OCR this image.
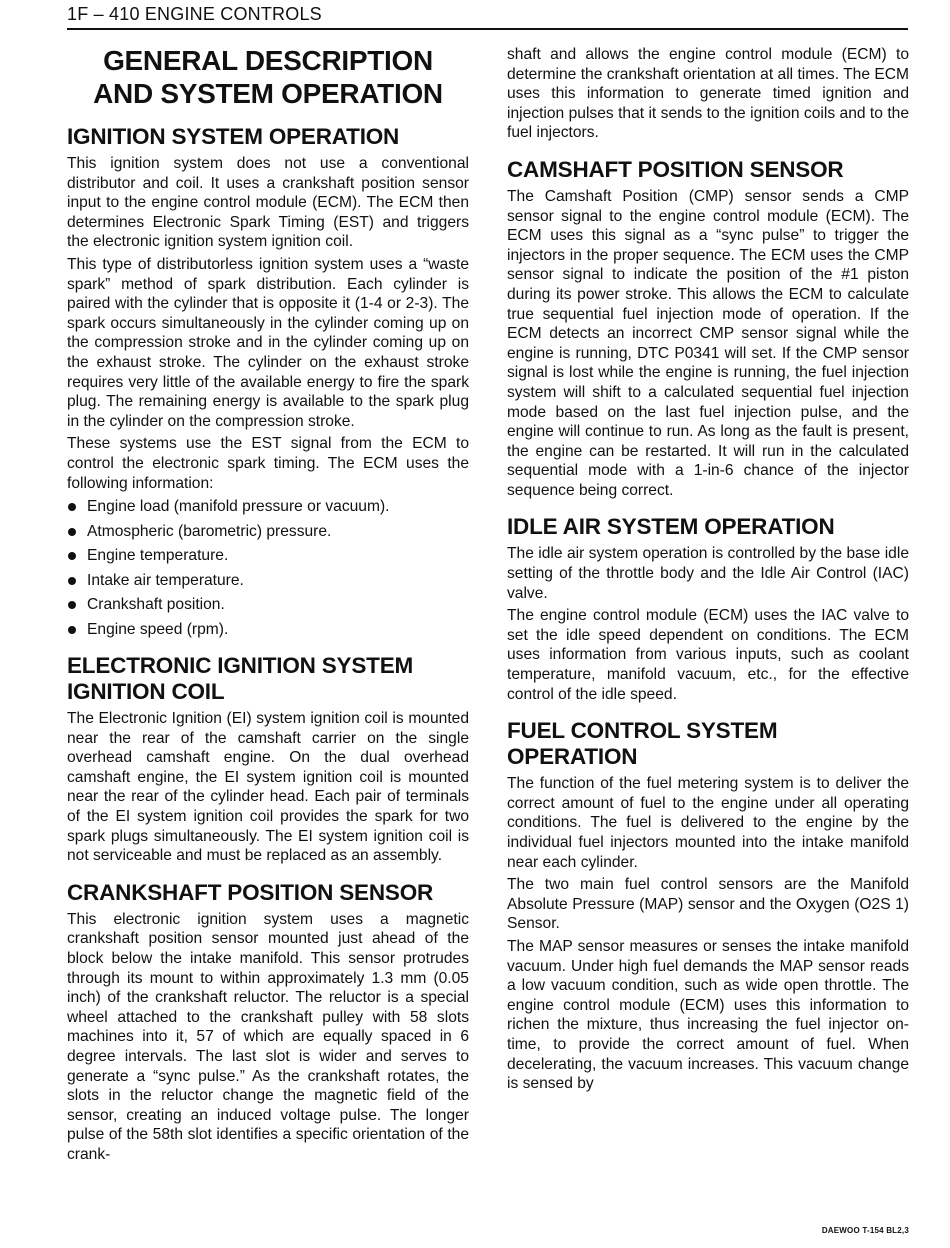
1F – 410 ENGINE CONTROLS
GENERAL DESCRIPTION
AND SYSTEM OPERATION
IGNITION SYSTEM OPERATION

This ignition system does not use a conventional distributor and coil. It uses a crankshaft position sensor input to the engine control module (ECM). The ECM then determines Electronic Spark Timing (EST) and triggers the electronic ignition system ignition coil.

This type of distributorless ignition system uses a “waste spark” method of spark distribution. Each cylinder is paired with the cylinder that is opposite it (1-4 or 2-3). The spark occurs simultaneously in the cylinder coming up on the compression stroke and in the cylinder coming up on the exhaust stroke. The cylinder on the exhaust stroke requires very little of the available energy to fire the spark plug. The remaining energy is available to the spark plug in the cylinder on the compression stroke.

These systems use the EST signal from the ECM to control the electronic spark timing. The ECM uses the following information:

Engine load (manifold pressure or vacuum).
Atmospheric (barometric) pressure.
Engine temperature.
Intake air temperature.
Crankshaft position.
Engine speed (rpm).
ELECTRONIC IGNITION SYSTEM
IGNITION COIL

The Electronic Ignition (EI) system ignition coil is mounted near the rear of the camshaft carrier on the single overhead camshaft engine. On the dual overhead camshaft engine, the EI system ignition coil is mounted near the rear of the cylinder head. Each pair of terminals of the EI system ignition coil provides the spark for two spark plugs simultaneously. The EI system ignition coil is not serviceable and must be replaced as an assembly.

CRANKSHAFT POSITION SENSOR

This electronic ignition system uses a magnetic crankshaft position sensor mounted just ahead of the block below the intake manifold. This sensor protrudes through its mount to within approximately 1.3 mm (0.05 inch) of the crankshaft reluctor. The reluctor is a special wheel attached to the crankshaft pulley with 58 slots machines into it, 57 of which are equally spaced in 6 degree intervals. The last slot is wider and serves to generate a “sync pulse.” As the crankshaft rotates, the slots in the reluctor change the magnetic field of the sensor, creating an induced voltage pulse. The longer pulse of the 58th slot identifies a specific orientation of the crank-

shaft and allows the engine control module (ECM) to determine the crankshaft orientation at all times. The ECM uses this information to generate timed ignition and injection pulses that it sends to the ignition coils and to the fuel injectors.

CAMSHAFT POSITION SENSOR

The Camshaft Position (CMP) sensor sends a CMP sensor signal to the engine control module (ECM). The ECM uses this signal as a “sync pulse” to trigger the injectors in the proper sequence. The ECM uses the CMP sensor signal to indicate the position of the #1 piston during its power stroke. This allows the ECM to calculate true sequential fuel injection mode of operation. If the ECM detects an incorrect CMP sensor signal while the engine is running, DTC P0341 will set. If the CMP sensor signal is lost while the engine is running, the fuel injection system will shift to a calculated sequential fuel injection mode based on the last fuel injection pulse, and the engine will continue to run. As long as the fault is present, the engine can be restarted. It will run in the calculated sequential mode with a 1-in-6 chance of the injector sequence being correct.

IDLE AIR SYSTEM OPERATION

The idle air system operation is controlled by the base idle setting of the throttle body and the Idle Air Control (IAC) valve.

The engine control module (ECM) uses the IAC valve to set the idle speed dependent on conditions. The ECM uses information from various inputs, such as coolant temperature, manifold vacuum, etc., for the effective control of the idle speed.

FUEL CONTROL SYSTEM
OPERATION

The function of the fuel metering system is to deliver the correct amount of fuel to the engine under all operating conditions. The fuel is delivered to the engine by the individual fuel injectors mounted into the intake manifold near each cylinder.

The two main fuel control sensors are the Manifold Absolute Pressure (MAP) sensor and the Oxygen (O2S 1) Sensor.

The MAP sensor measures or senses the intake manifold vacuum. Under high fuel demands the MAP sensor reads a low vacuum condition, such as wide open throttle. The engine control module (ECM) uses this information to richen the mixture, thus increasing the fuel injector on-time, to provide the correct amount of fuel. When decelerating, the vacuum increases. This vacuum change is sensed by

DAEWOO T-154 BL2,3
